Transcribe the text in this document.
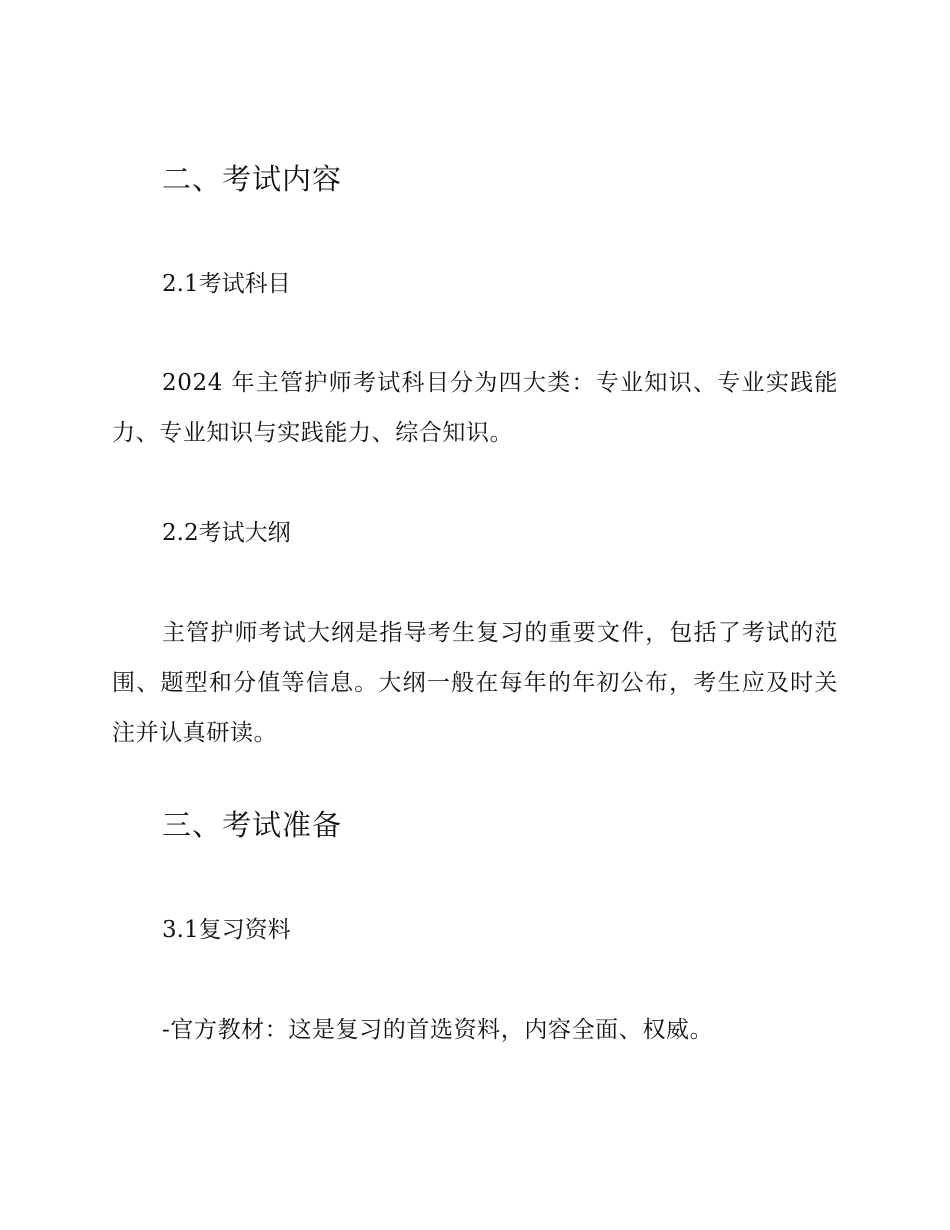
二、考试内容
2.1考试科目
2024 年主管护师考试科目分为四大类：专业知识、专业实践能力、专业知识与实践能力、综合知识。
2.2考试大纲
主管护师考试大纲是指导考生复习的重要文件，包括了考试的范围、题型和分值等信息。大纲一般在每年的年初公布，考生应及时关注并认真研读。
三、考试准备
3.1复习资料
-官方教材：这是复习的首选资料，内容全面、权威。
